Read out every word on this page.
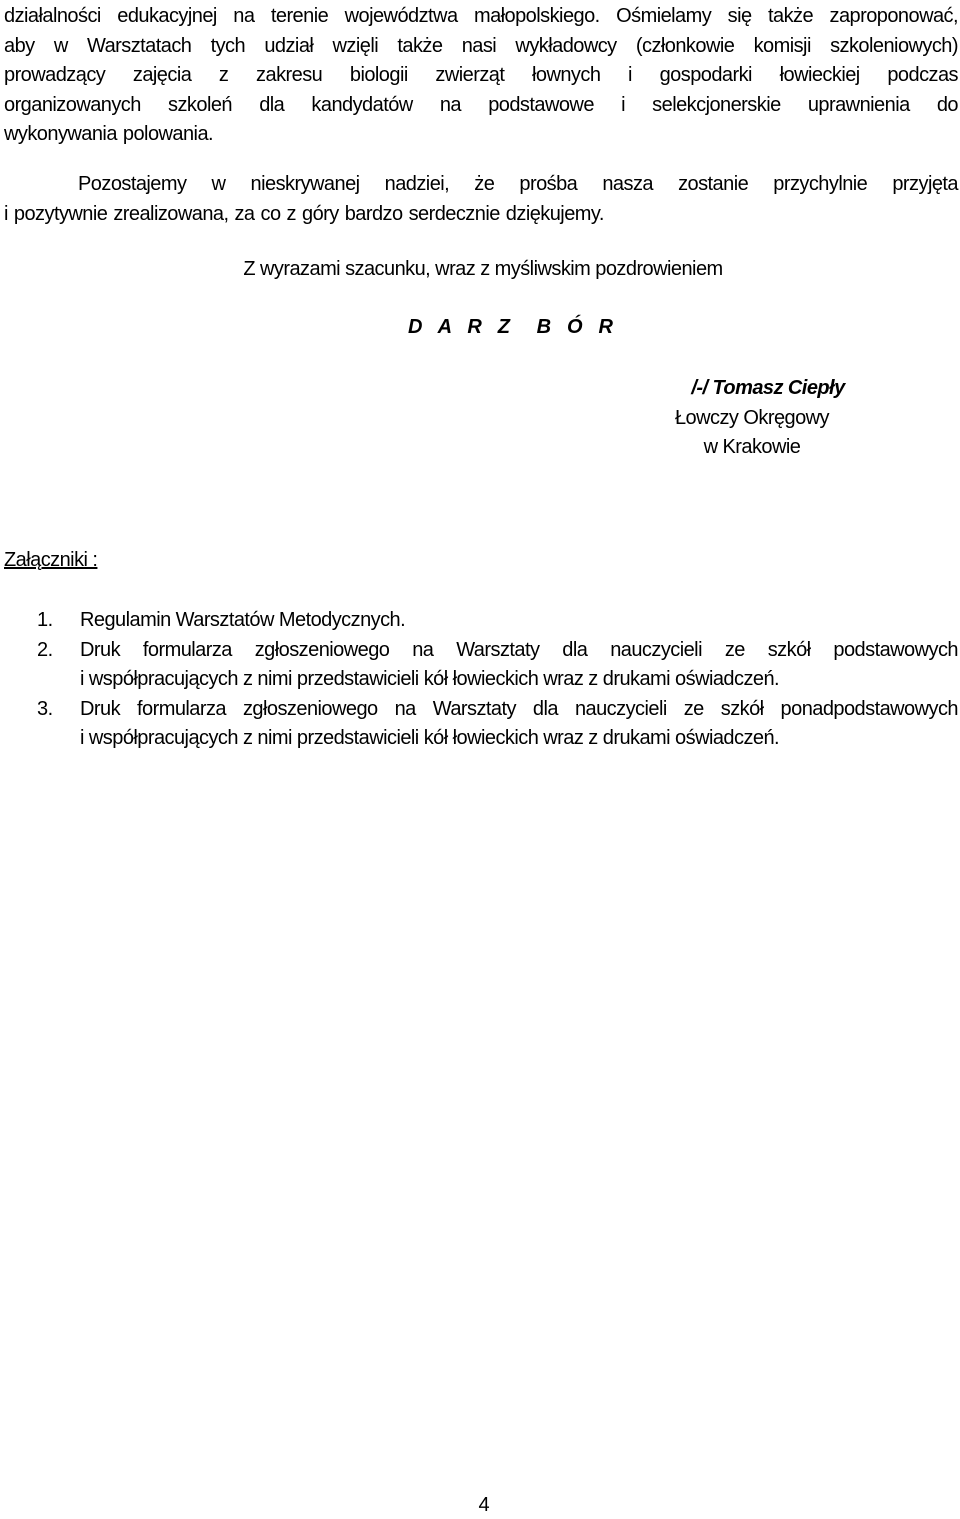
działalności edukacyjnej na terenie województwa małopolskiego. Ośmielamy się także zaproponować,
aby w Warsztatach tych udział wzięli także nasi wykładowcy (członkowie komisji szkoleniowych)
prowadzący zajęcia z zakresu biologii zwierząt łownych i gospodarki łowieckiej podczas
organizowanych szkoleń dla kandydatów na podstawowe i selekcjonerskie uprawnienia do
wykonywania polowania.

Pozostajemy w nieskrywanej nadziei, że prośba nasza zostanie przychylnie przyjęta
i pozytywnie zrealizowana, za co z góry bardzo serdecznie dziękujemy.

Z wyrazami szacunku, wraz z myśliwskim pozdrowieniem

D A R Z  B Ó R

/-/ Tomasz Ciepły
Łowczy Okręgowy
w Krakowie

Załączniki :

1. Regulamin Warsztatów Metodycznych.
2. Druk formularza zgłoszeniowego na Warsztaty dla nauczycieli ze szkół podstawowych
i współpracujących z nimi przedstawicieli kół łowieckich wraz z drukami oświadczeń.
3. Druk formularza zgłoszeniowego na Warsztaty dla nauczycieli ze szkół ponadpodstawowych
i współpracujących z nimi przedstawicieli kół łowieckich wraz z drukami oświadczeń.

4
